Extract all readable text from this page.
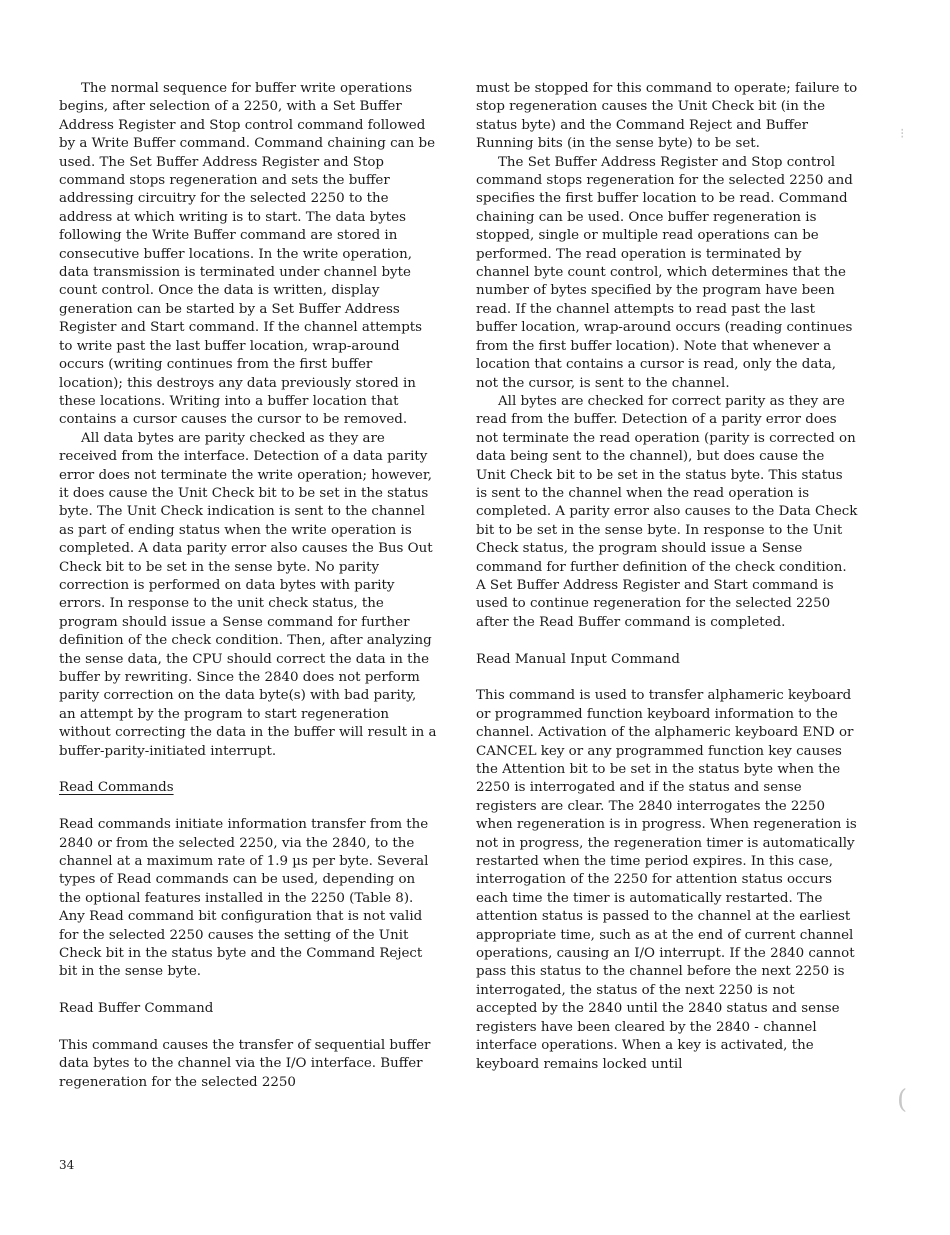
The normal sequence for buffer write operations begins, after selection of a 2250, with a Set Buffer Address Register and Stop control command followed by a Write Buffer command. Command chaining can be used. The Set Buffer Address Register and Stop command stops regeneration and sets the buffer addressing circuitry for the selected 2250 to the address at which writing is to start. The data bytes following the Write Buffer command are stored in consecutive buffer locations. In the write operation, data transmission is terminated under channel byte count control. Once the data is written, display generation can be started by a Set Buffer Address Register and Start command. If the channel attempts to write past the last buffer location, wrap-around occurs (writing continues from the first buffer location); this destroys any data previously stored in these locations. Writing into a buffer location that contains a cursor causes the cursor to be removed.

All data bytes are parity checked as they are received from the interface. Detection of a data parity error does not terminate the write operation; however, it does cause the Unit Check bit to be set in the status byte. The Unit Check indication is sent to the channel as part of ending status when the write operation is completed. A data parity error also causes the Bus Out Check bit to be set in the sense byte. No parity correction is performed on data bytes with parity errors. In response to the unit check status, the program should issue a Sense command for further definition of the check condition. Then, after analyzing the sense data, the CPU should correct the data in the buffer by rewriting. Since the 2840 does not perform parity correction on the data byte(s) with bad parity, an attempt by the program to start regeneration without correcting the data in the buffer will result in a buffer-parity-initiated interrupt.

Read Commands

Read commands initiate information transfer from the 2840 or from the selected 2250, via the 2840, to the channel at a maximum rate of 1.9 µs per byte. Several types of Read commands can be used, depending on the optional features installed in the 2250 (Table 8). Any Read command bit configuration that is not valid for the selected 2250 causes the setting of the Unit Check bit in the status byte and the Command Reject bit in the sense byte.

Read Buffer Command

This command causes the transfer of sequential buffer data bytes to the channel via the I/O interface. Buffer regeneration for the selected 2250

must be stopped for this command to operate; failure to stop regeneration causes the Unit Check bit (in the status byte) and the Command Reject and Buffer Running bits (in the sense byte) to be set.

The Set Buffer Address Register and Stop control command stops regeneration for the selected 2250 and specifies the first buffer location to be read. Command chaining can be used. Once buffer regeneration is stopped, single or multiple read operations can be performed. The read operation is terminated by channel byte count control, which determines that the number of bytes specified by the program have been read. If the channel attempts to read past the last buffer location, wrap-around occurs (reading continues from the first buffer location). Note that whenever a location that contains a cursor is read, only the data, not the cursor, is sent to the channel.

All bytes are checked for correct parity as they are read from the buffer. Detection of a parity error does not terminate the read operation (parity is corrected on data being sent to the channel), but does cause the Unit Check bit to be set in the status byte. This status is sent to the channel when the read operation is completed. A parity error also causes to the Data Check bit to be set in the sense byte. In response to the Unit Check status, the program should issue a Sense command for further definition of the check condition. A Set Buffer Address Register and Start command is used to continue regeneration for the selected 2250 after the Read Buffer command is completed.

Read Manual Input Command

This command is used to transfer alphameric keyboard or programmed function keyboard information to the channel. Activation of the alphameric keyboard END or CANCEL key or any programmed function key causes the Attention bit to be set in the status byte when the 2250 is interrogated and if the status and sense registers are clear. The 2840 interrogates the 2250 when regeneration is in progress. When regeneration is not in progress, the regeneration timer is automatically restarted when the time period expires. In this case, interrogation of the 2250 for attention status occurs each time the timer is automatically restarted. The attention status is passed to the channel at the earliest appropriate time, such as at the end of current channel operations, causing an I/O interrupt. If the 2840 cannot pass this status to the channel before the next 2250 is interrogated, the status of the next 2250 is not accepted by the 2840 until the 2840 status and sense registers have been cleared by the 2840 - channel interface operations. When a key is activated, the keyboard remains locked until

34
⁝
(
